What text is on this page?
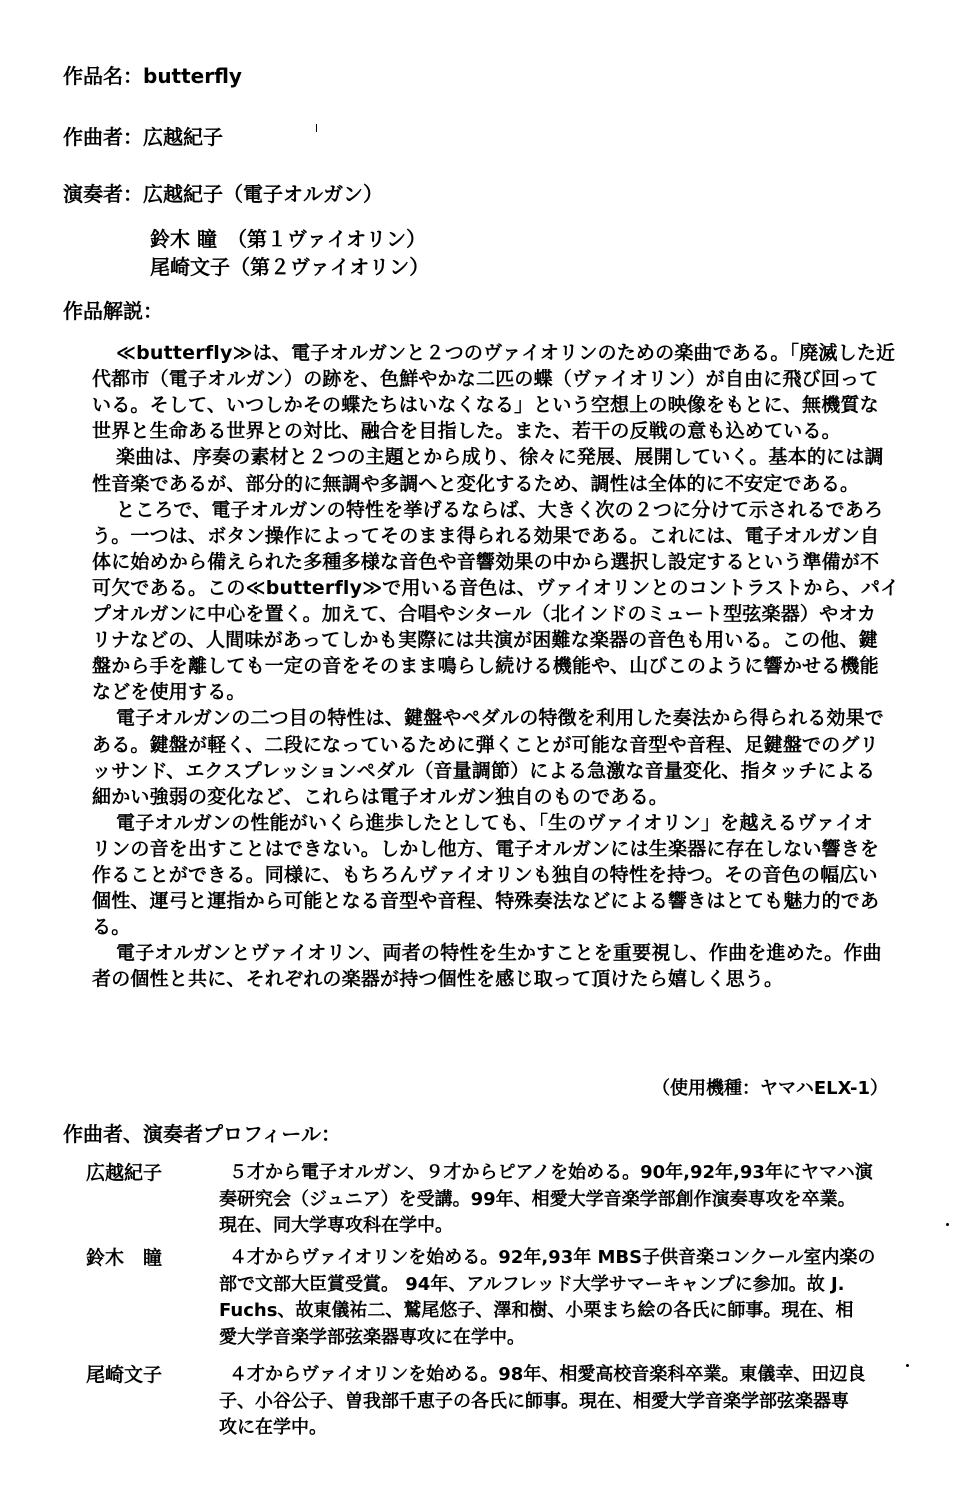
作品名：butterfly
作曲者：広越紀子
演奏者：広越紀子（電子オルガン）
鈴木 瞳　（第１ヴァイオリン）
尾崎文子（第２ヴァイオリン）
作品解説：
≪butterfly≫は、電子オルガンと２つのヴァイオリンのための楽曲である。「廃滅した近
代都市（電子オルガン）の跡を、色鮮やかな二匹の蝶（ヴァイオリン）が自由に飛び回って
いる。そして、いつしかその蝶たちはいなくなる」という空想上の映像をもとに、無機質な
世界と生命ある世界との対比、融合を目指した。また、若干の反戦の意も込めている。
楽曲は、序奏の素材と２つの主題とから成り、徐々に発展、展開していく。基本的には調
性音楽であるが、部分的に無調や多調へと変化するため、調性は全体的に不安定である。
ところで、電子オルガンの特性を挙げるならば、大きく次の２つに分けて示されるであろ
う。一つは、ボタン操作によってそのまま得られる効果である。これには、電子オルガン自
体に始めから備えられた多種多様な音色や音響効果の中から選択し設定するという準備が不
可欠である。この≪butterfly≫で用いる音色は、ヴァイオリンとのコントラストから、パイ
プオルガンに中心を置く。加えて、合唱やシタール（北インドのミュート型弦楽器）やオカ
リナなどの、人間味があってしかも実際には共演が困難な楽器の音色も用いる。この他、鍵
盤から手を離しても一定の音をそのまま鳴らし続ける機能や、山びこのように響かせる機能
などを使用する。
電子オルガンの二つ目の特性は、鍵盤やペダルの特徴を利用した奏法から得られる効果で
ある。鍵盤が軽く、二段になっているために弾くことが可能な音型や音程、足鍵盤でのグリ
ッサンド、エクスプレッションペダル（音量調節）による急激な音量変化、指タッチによる
細かい強弱の変化など、これらは電子オルガン独自のものである。
電子オルガンの性能がいくら進歩したとしても、「生のヴァイオリン」を越えるヴァイオ
リンの音を出すことはできない。しかし他方、電子オルガンには生楽器に存在しない響きを
作ることができる。同様に、もちろんヴァイオリンも独自の特性を持つ。その音色の幅広い
個性、運弓と運指から可能となる音型や音程、特殊奏法などによる響きはとても魅力的であ
る。
電子オルガンとヴァイオリン、両者の特性を生かすことを重要視し、作曲を進めた。作曲
者の個性と共に、それぞれの楽器が持つ個性を感じ取って頂けたら嬉しく思う。
（使用機種：ヤマハELX-1）
作曲者、演奏者プロフィール：
広越紀子	５才から電子オルガン、９才からピアノを始める。90年,92年,93年にヤマハ演
奏研究会（ジュニア）を受講。99年、相愛大学音楽学部創作演奏専攻を卒業。
現在、同大学専攻科在学中。
鈴木　瞳	４才からヴァイオリンを始める。92年,93年 MBS子供音楽コンクール室内楽の
部で文部大臣賞受賞。 94年、アルフレッド大学サマーキャンプに参加。故 J.
Fuchs、故東儀祐二、鷲尾悠子、澤和樹、小栗まち絵の各氏に師事。現在、相
愛大学音楽学部弦楽器専攻に在学中。
尾崎文子	４才からヴァイオリンを始める。98年、相愛高校音楽科卒業。東儀幸、田辺良
子、小谷公子、曽我部千恵子の各氏に師事。現在、相愛大学音楽学部弦楽器専
攻に在学中。
